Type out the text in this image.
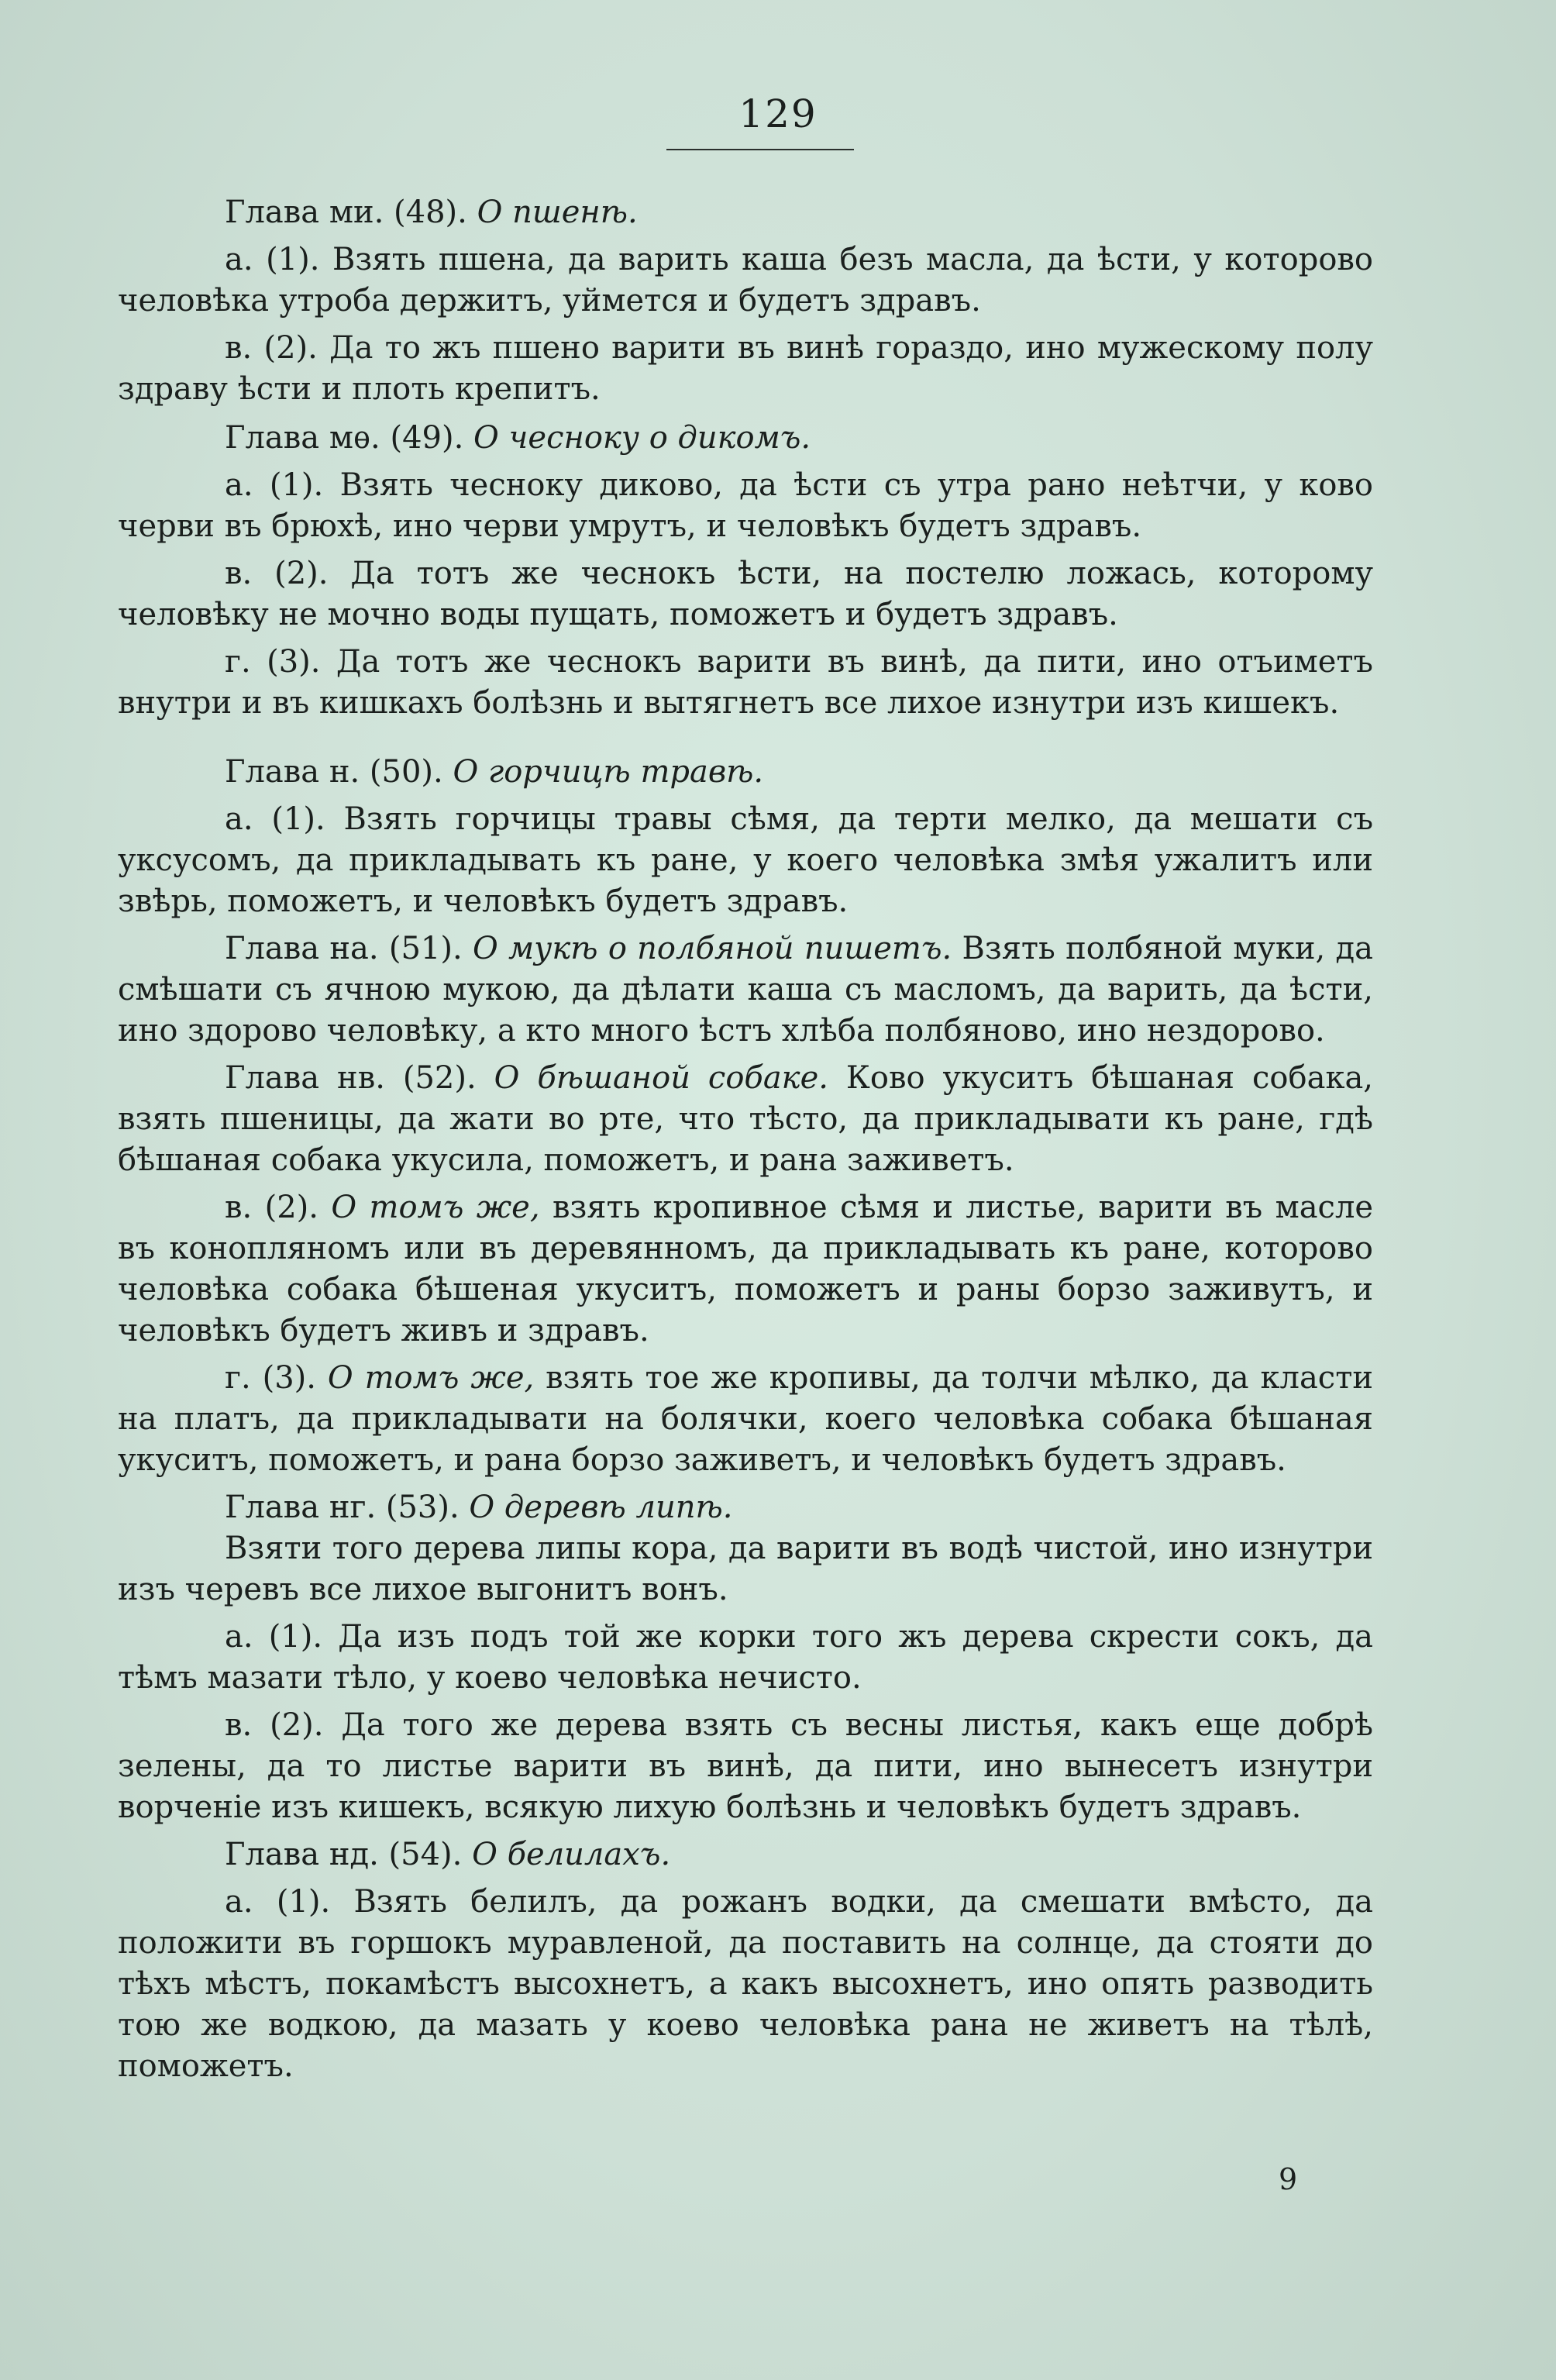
129

Глава ми. (48). О пшенѣ.

а. (1). Взять пшена, да варить каша безъ масла, да ѣсти, у которово человѣка утроба держитъ, уймется и будетъ здравъ.

в. (2). Да то жъ пшено варити въ винѣ гораздо, ино мужескому полу здраву ѣсти и плоть крепитъ.

Глава мѳ. (49). О чесноку о дикомъ.

а. (1). Взять чесноку диково, да ѣсти съ утра рано неѣтчи, у ково черви въ брюхѣ, ино черви умрутъ, и человѣкъ будетъ здравъ.

в. (2). Да тотъ же чеснокъ ѣсти, на постелю ложась, которому человѣку не мочно воды пущать, поможетъ и будетъ здравъ.

г. (3). Да тотъ же чеснокъ варити въ винѣ, да пити, ино отъиметъ внутри и въ кишкахъ болѣзнь и вытягнетъ все лихое изнутри изъ кишекъ.

Глава н. (50). О горчицѣ травѣ.

а. (1). Взять горчицы травы сѣмя, да терти мелко, да мешати съ уксусомъ, да прикладывать къ ране, у коего человѣка змѣя ужалитъ или звѣрь, поможетъ, и человѣкъ будетъ здравъ.

Глава на. (51). О мукѣ о полбяной пишетъ. Взять полбяной муки, да смѣшати съ ячною мукою, да дѣлати каша съ масломъ, да варить, да ѣсти, ино здорово человѣку, а кто много ѣстъ хлѣба полбяново, ино нездорово.

Глава нв. (52). О бѣшаной собаке. Ково укуситъ бѣшаная собака, взять пшеницы, да жати во рте, что тѣсто, да прикладывати къ ране, гдѣ бѣшаная собака укусила, поможетъ, и рана заживетъ.

в. (2). О томъ же, взять кропивное сѣмя и листье, варити въ масле въ конопляномъ или въ деревянномъ, да прикладывать къ ране, которово человѣка собака бѣшеная укуситъ, поможетъ и раны борзо заживутъ, и человѣкъ будетъ живъ и здравъ.

г. (3). О томъ же, взять тое же кропивы, да толчи мѣлко, да класти на платъ, да прикладывати на болячки, коего человѣка собака бѣшаная укуситъ, поможетъ, и рана борзо заживетъ, и человѣкъ будетъ здравъ.

Глава нг. (53). О деревѣ липѣ.

Взяти того дерева липы кора, да варити въ водѣ чистой, ино изнутри изъ черевъ все лихое выгонитъ вонъ.

а. (1). Да изъ подъ той же корки того жъ дерева скрести сокъ, да тѣмъ мазати тѣло, у коево человѣка нечисто.

в. (2). Да того же дерева взять съ весны листья, какъ еще добрѣ зелены, да то листье варити въ винѣ, да пити, ино вынесетъ изнутри ворченіе изъ кишекъ, всякую лихую болѣзнь и человѣкъ будетъ здравъ.

Глава нд. (54). О белилахъ.

а. (1). Взять белилъ, да рожанъ водки, да смешати вмѣсто, да положити въ горшокъ муравленой, да поставить на солнце, да стояти до тѣхъ мѣстъ, покамѣстъ высохнетъ, а какъ высохнетъ, ино опять разводить тою же водкою, да мазать у коево человѣка рана не живетъ на тѣлѣ, поможетъ.

9
